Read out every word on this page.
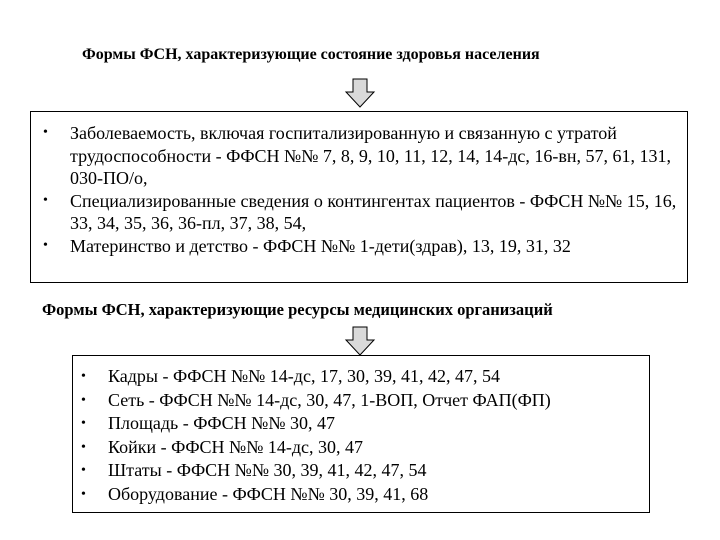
Формы ФСН, характеризующие состояние здоровья населения
•	Заболеваемость, включая госпитализированную и связанную с утратой трудоспособности - ФФСН №№ 7, 8, 9, 10, 11, 12, 14, 14-дс, 16-вн, 57, 61, 131, 030-ПО/о,
•	Специализированные сведения о контингентах пациентов - ФФСН №№ 15, 16, 33, 34, 35, 36, 36-пл, 37, 38, 54,
•	Материнство и детство - ФФСН №№ 1-дети(здрав), 13, 19, 31, 32
Формы ФСН, характеризующие ресурсы медицинских организаций
•	Кадры - ФФСН №№ 14-дс, 17, 30, 39, 41, 42, 47, 54
•	Сеть - ФФСН №№ 14-дс, 30, 47, 1-ВОП, Отчет ФАП(ФП)
•	Площадь - ФФСН №№ 30, 47
•	Койки - ФФСН №№ 14-дс, 30, 47
•	Штаты - ФФСН №№ 30, 39, 41, 42, 47, 54
•	Оборудование - ФФСН №№ 30, 39, 41, 68
